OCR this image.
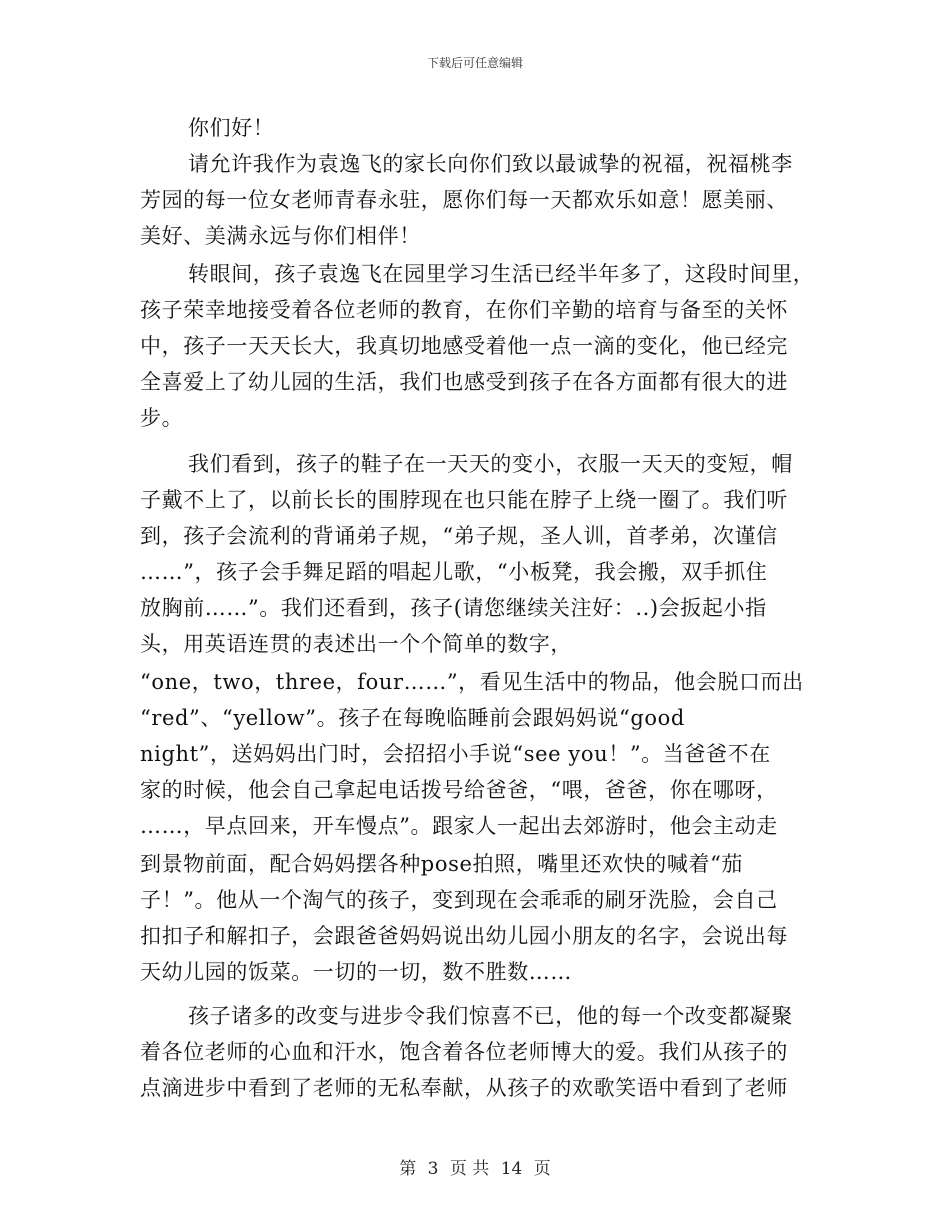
下载后可任意编辑
你们好！
请允许我作为袁逸飞的家长向你们致以最诚挚的祝福，祝福桃李
芳园的每一位女老师青春永驻，愿你们每一天都欢乐如意！愿美丽、
美好、美满永远与你们相伴！
转眼间，孩子袁逸飞在园里学习生活已经半年多了，这段时间里，
孩子荣幸地接受着各位老师的教育，在你们辛勤的培育与备至的关怀
中，孩子一天天长大，我真切地感受着他一点一滴的变化，他已经完
全喜爱上了幼儿园的生活，我们也感受到孩子在各方面都有很大的进
步。
我们看到，孩子的鞋子在一天天的变小，衣服一天天的变短，帽
子戴不上了，以前长长的围脖现在也只能在脖子上绕一圈了。我们听
到，孩子会流利的背诵弟子规，“弟子规，圣人训，首孝弟，次谨信
……”，孩子会手舞足蹈的唱起儿歌，“小板凳，我会搬，双手抓住
放胸前……”。我们还看到，孩子(请您继续关注好：..)会扳起小指
头，用英语连贯的表述出一个个简单的数字，
“one，two，three，four……”，看见生活中的物品，他会脱口而出
“red”、“yellow”。孩子在每晚临睡前会跟妈妈说“good
night”，送妈妈出门时，会招招小手说“see you！”。当爸爸不在
家的时候，他会自己拿起电话拨号给爸爸，“喂，爸爸，你在哪呀，
……，早点回来，开车慢点”。跟家人一起出去郊游时，他会主动走
到景物前面，配合妈妈摆各种pose拍照，嘴里还欢快的喊着“茄
子！”。他从一个淘气的孩子，变到现在会乖乖的刷牙洗脸，会自己
扣扣子和解扣子，会跟爸爸妈妈说出幼儿园小朋友的名字，会说出每
天幼儿园的饭菜。一切的一切，数不胜数……
孩子诸多的改变与进步令我们惊喜不已，他的每一个改变都凝聚
着各位老师的心血和汗水，饱含着各位老师博大的爱。我们从孩子的
点滴进步中看到了老师的无私奉献，从孩子的欢歌笑语中看到了老师
第 3 页 共 14 页
